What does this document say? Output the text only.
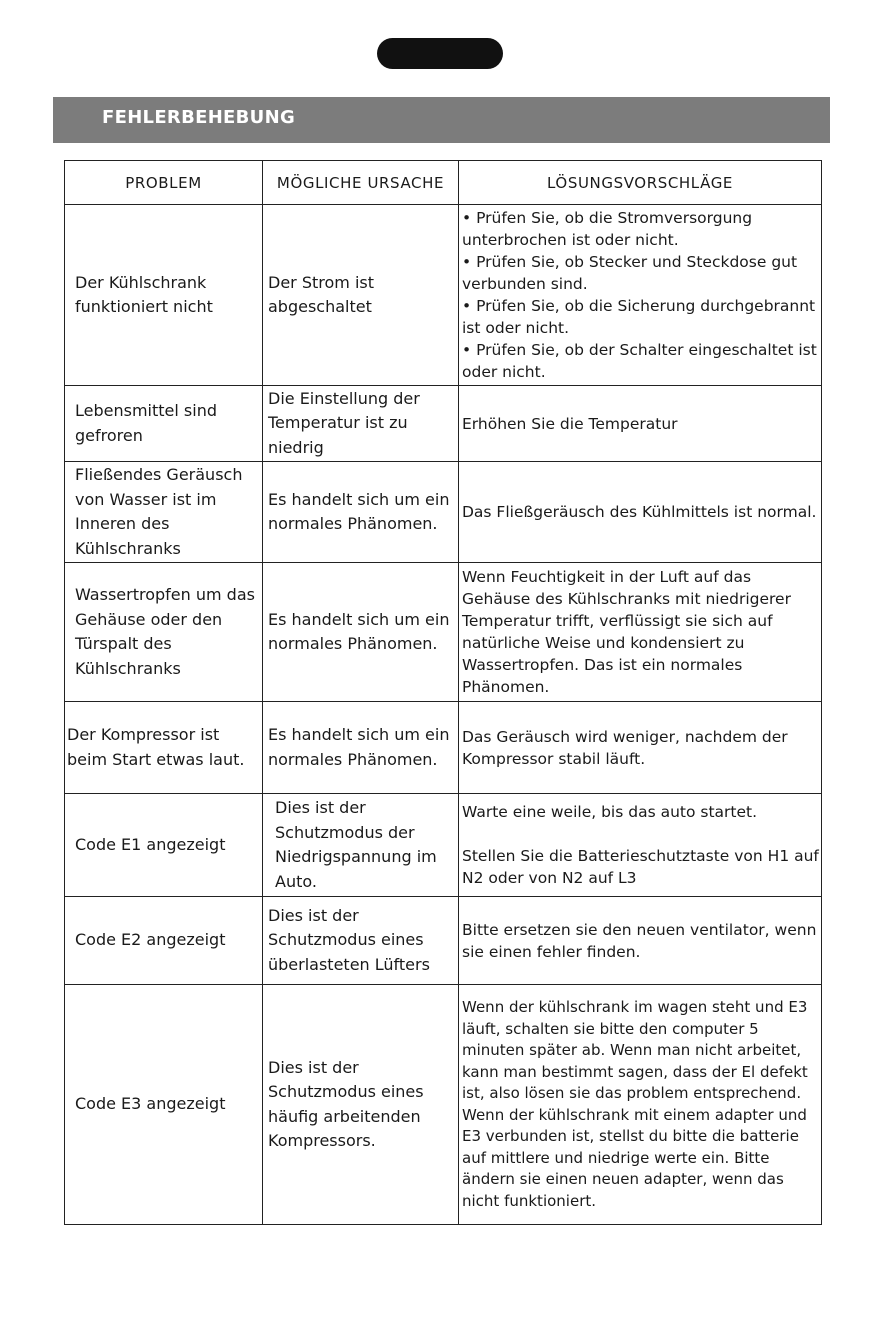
FEHLERBEHEBUNG
PROBLEM	MÖGLICHE URSACHE	LÖSUNGSVORSCHLÄGE
Der Kühlschrank funktioniert nicht	Der Strom ist abgeschaltet	• Prüfen Sie, ob die Stromversorgung unterbrochen ist oder nicht.
• Prüfen Sie, ob Stecker und Steckdose gut verbunden sind.
• Prüfen Sie, ob die Sicherung durchgebrannt ist oder nicht.
• Prüfen Sie, ob der Schalter eingeschaltet ist oder nicht.

Lebensmittel sind gefroren	Die Einstellung der Temperatur ist zu niedrig	Erhöhen Sie die Temperatur

Fließendes Geräusch von Wasser ist im Inneren des Kühlschranks	Es handelt sich um ein normales Phänomen.	Das Fließgeräusch des Kühlmittels ist normal.

Wassertropfen um das Gehäuse oder den Türspalt des Kühlschranks	Es handelt sich um ein normales Phänomen.	Wenn Feuchtigkeit in der Luft auf das Gehäuse des Kühlschranks mit niedrigerer Temperatur trifft, verflüssigt sie sich auf natürliche Weise und kondensiert zu Wassertropfen. Das ist ein normales Phänomen.

Der Kompressor ist beim Start etwas laut.	Es handelt sich um ein normales Phänomen.	Das Geräusch wird weniger, nachdem der Kompressor stabil läuft.

Code E1 angezeigt	Dies ist der Schutzmodus der Niedrigspannung im Auto.	Warte eine weile, bis das auto startet.
Stellen Sie die Batterieschutztaste von H1 auf N2 oder von N2 auf L3

Code E2 angezeigt	Dies ist der Schutzmodus eines überlasteten Lüfters	Bitte ersetzen sie den neuen ventilator, wenn sie einen fehler finden.

Code E3 angezeigt	Dies ist der Schutzmodus eines häufig arbeitenden Kompressors.	Wenn der kühlschrank im wagen steht und E3 läuft, schalten sie bitte den computer 5 minuten später ab. Wenn man nicht arbeitet, kann man bestimmt sagen, dass der El defekt ist, also lösen sie das problem entsprechend.
Wenn der kühlschrank mit einem adapter und E3 verbunden ist, stellst du bitte die batterie auf mittlere und niedrige werte ein. Bitte ändern sie einen neuen adapter, wenn das nicht funktioniert.
